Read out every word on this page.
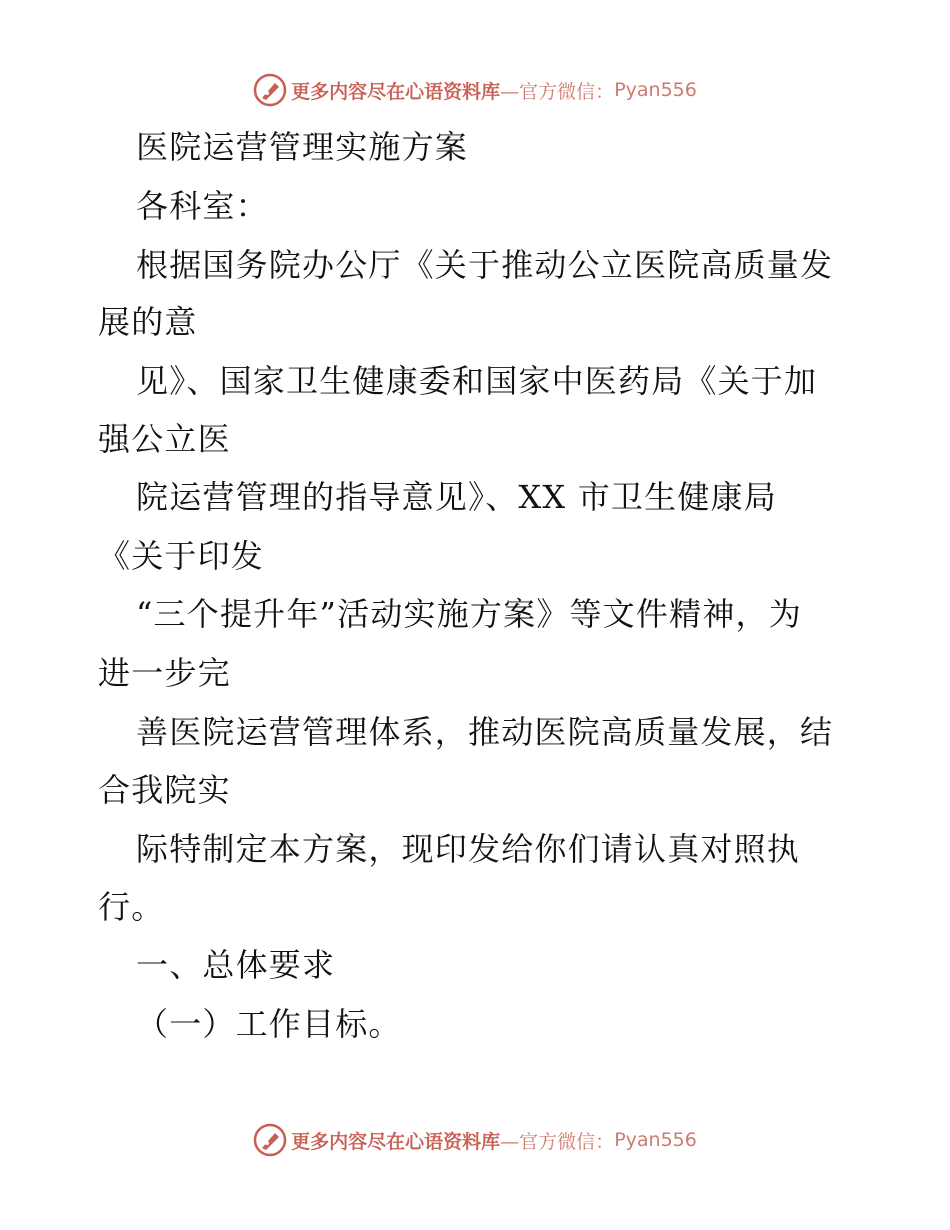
更多内容尽在心语资料库 —官方微信： Pyan556
医院运营管理实施方案
各科室：
根据国务院办公厅《关于推动公立医院高质量发
展的意
见》、国家卫生健康委和国家中医药局《关于加
强公立医
院运营管理的指导意见》、XX 市卫生健康局
《关于印发
“三个提升年”活动实施方案》等文件精神，为
进一步完
善医院运营管理体系，推动医院高质量发展，结
合我院实
际特制定本方案，现印发给你们请认真对照执
行。
一、总体要求
（一）工作目标。
更多内容尽在心语资料库 —官方微信： Pyan556
